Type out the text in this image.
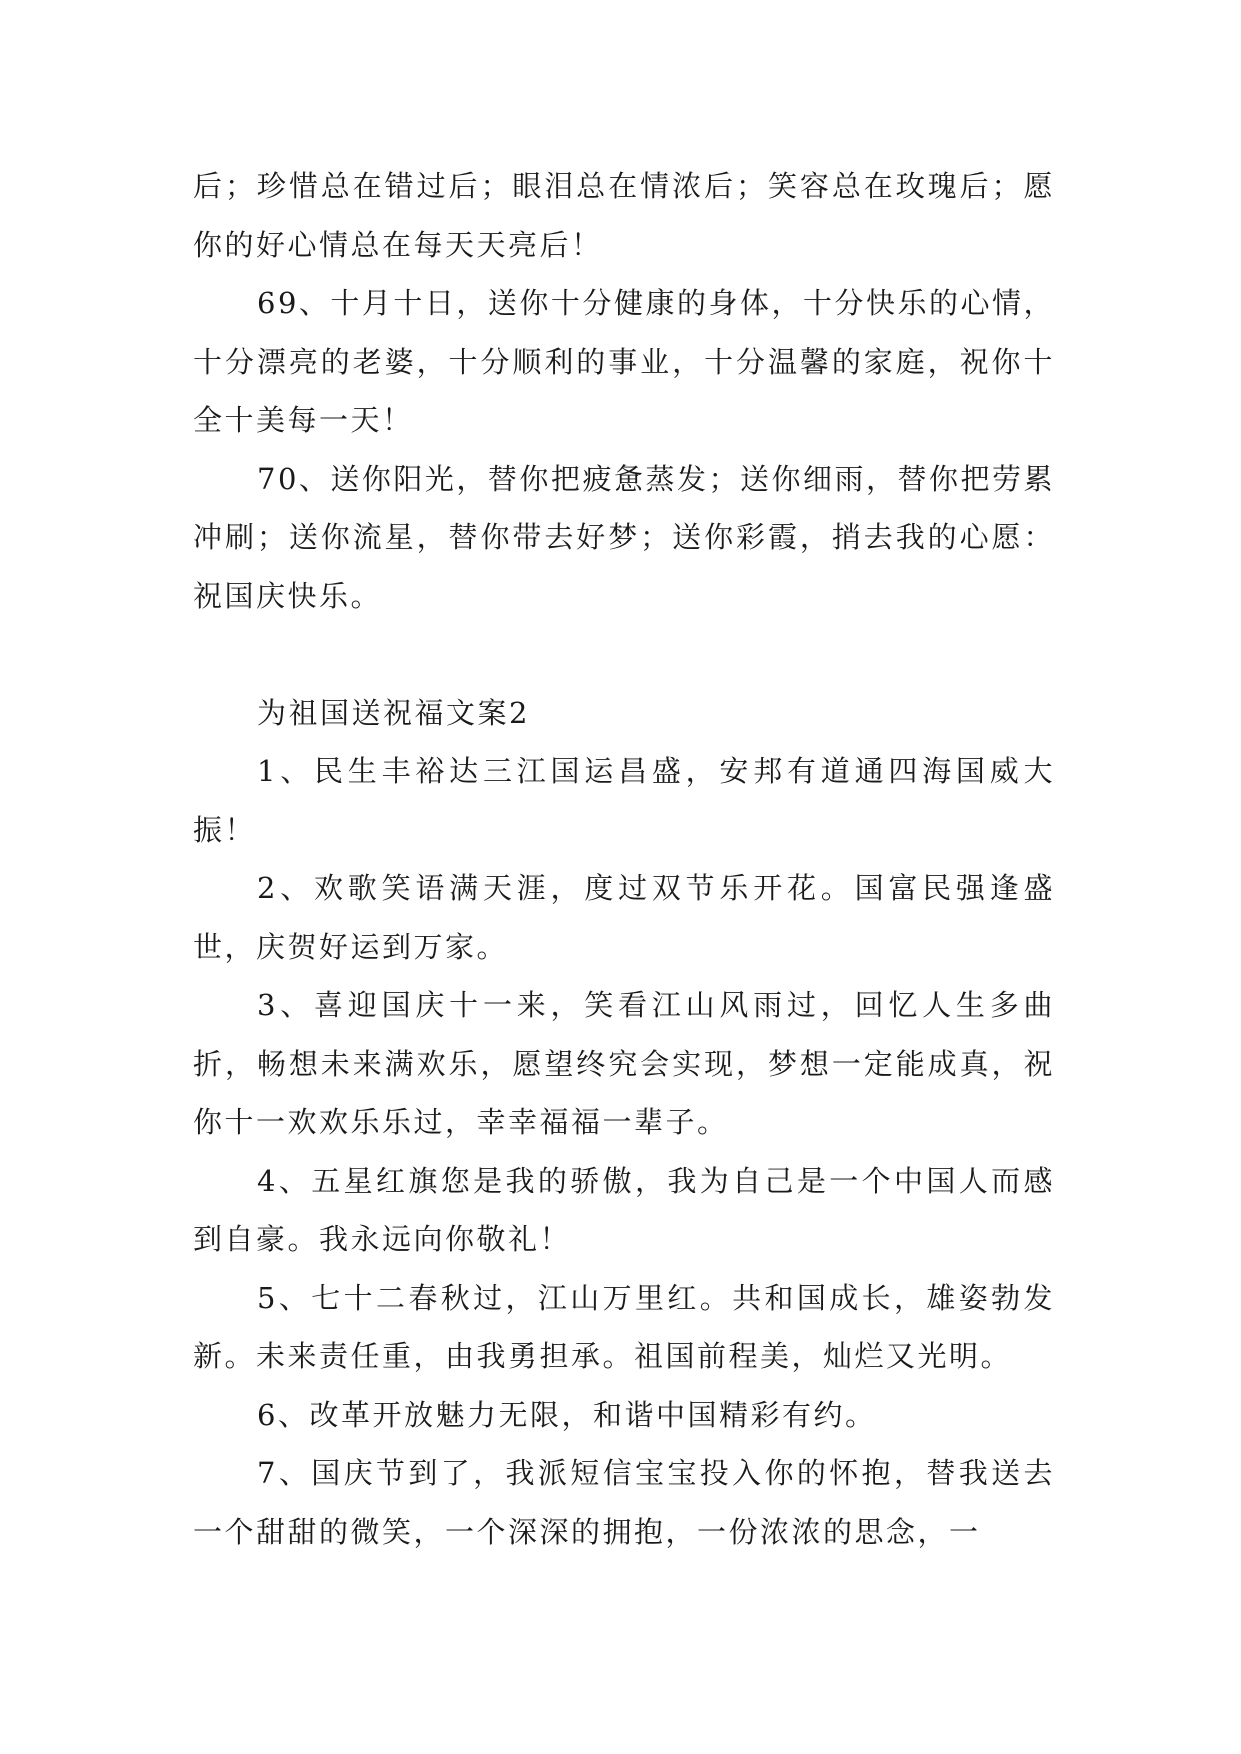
后；珍惜总在错过后；眼泪总在情浓后；笑容总在玫瑰后；愿你的好心情总在每天天亮后！

69、十月十日，送你十分健康的身体，十分快乐的心情，十分漂亮的老婆，十分顺利的事业，十分温馨的家庭，祝你十全十美每一天！

70、送你阳光，替你把疲惫蒸发；送你细雨，替你把劳累冲刷；送你流星，替你带去好梦；送你彩霞，捎去我的心愿：祝国庆快乐。

为祖国送祝福文案2

1、民生丰裕达三江国运昌盛，安邦有道通四海国威大振！

2、欢歌笑语满天涯，度过双节乐开花。国富民强逢盛世，庆贺好运到万家。

3、喜迎国庆十一来，笑看江山风雨过，回忆人生多曲折，畅想未来满欢乐，愿望终究会实现，梦想一定能成真，祝你十一欢欢乐乐过，幸幸福福一辈子。

4、五星红旗您是我的骄傲，我为自己是一个中国人而感到自豪。我永远向你敬礼！

5、七十二春秋过，江山万里红。共和国成长，雄姿勃发新。未来责任重，由我勇担承。祖国前程美，灿烂又光明。

6、改革开放魅力无限，和谐中国精彩有约。

7、国庆节到了，我派短信宝宝投入你的怀抱，替我送去一个甜甜的微笑，一个深深的拥抱，一份浓浓的思念，一
